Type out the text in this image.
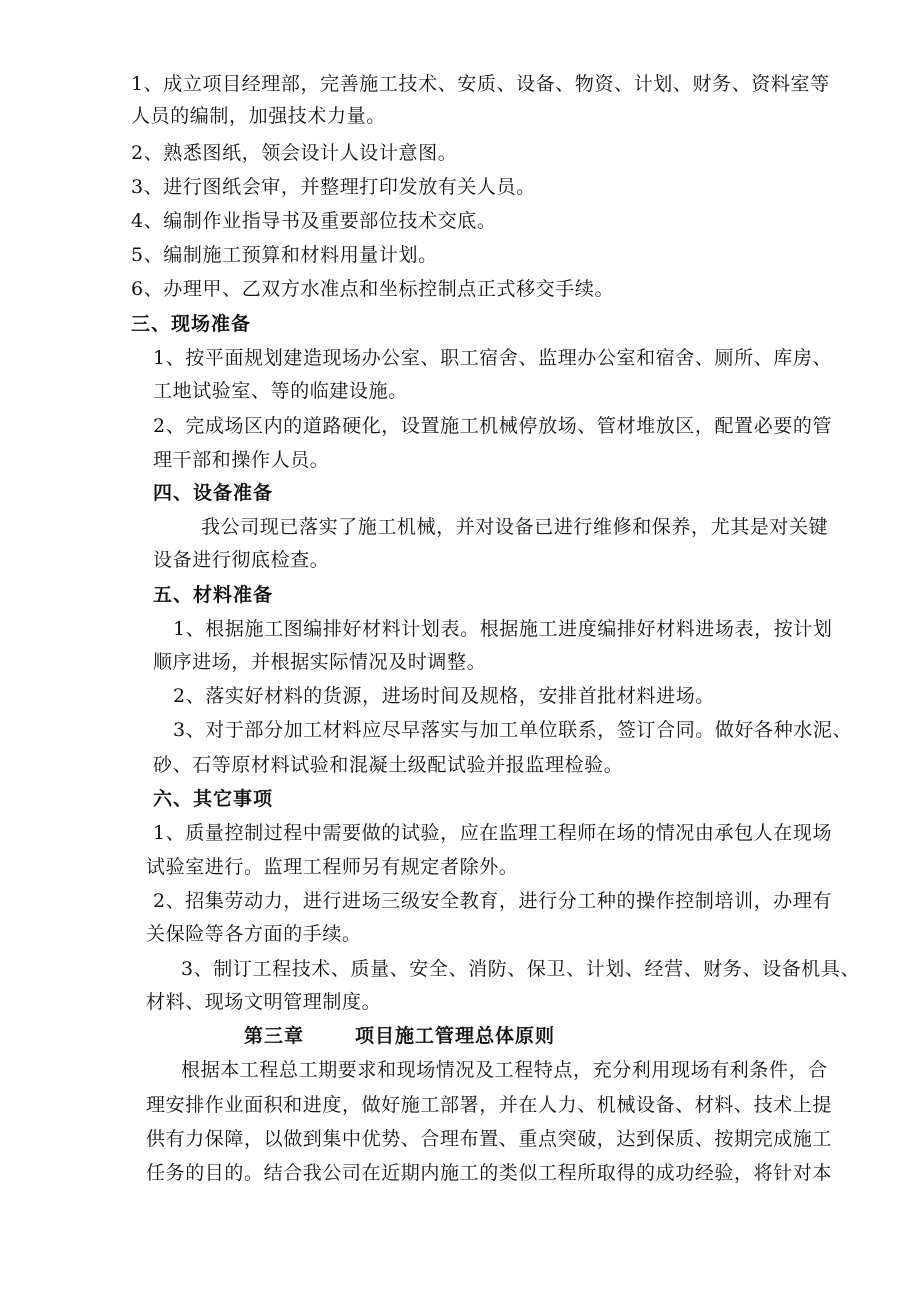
1、成立项目经理部，完善施工技术、安质、设备、物资、计划、财务、资料室等
人员的编制，加强技术力量。
2、熟悉图纸，领会设计人设计意图。
3、进行图纸会审，并整理打印发放有关人员。
4、编制作业指导书及重要部位技术交底。
5、编制施工预算和材料用量计划。
6、办理甲、乙双方水准点和坐标控制点正式移交手续。
三、现场准备
1、按平面规划建造现场办公室、职工宿舍、监理办公室和宿舍、厕所、库房、
工地试验室、等的临建设施。
2、完成场区内的道路硬化，设置施工机械停放场、管材堆放区，配置必要的管
理干部和操作人员。
四、设备准备
我公司现已落实了施工机械，并对设备已进行维修和保养，尤其是对关键
设备进行彻底检查。
五、材料准备
1、根据施工图编排好材料计划表。根据施工进度编排好材料进场表，按计划
顺序进场，并根据实际情况及时调整。
2、落实好材料的货源，进场时间及规格，安排首批材料进场。
3、对于部分加工材料应尽早落实与加工单位联系，签订合同。做好各种水泥、
砂、石等原材料试验和混凝土级配试验并报监理检验。
六、其它事项
1、质量控制过程中需要做的试验，应在监理工程师在场的情况由承包人在现场
试验室进行。监理工程师另有规定者除外。
2、招集劳动力，进行进场三级安全教育，进行分工种的操作控制培训，办理有
关保险等各方面的手续。
3、制订工程技术、质量、安全、消防、保卫、计划、经营、财务、设备机具、
材料、现场文明管理制度。
第三章	项目施工管理总体原则
根据本工程总工期要求和现场情况及工程特点，充分利用现场有利条件，合
理安排作业面积和进度，做好施工部署，并在人力、机械设备、材料、技术上提
供有力保障，以做到集中优势、合理布置、重点突破，达到保质、按期完成施工
任务的目的。结合我公司在近期内施工的类似工程所取得的成功经验，将针对本
